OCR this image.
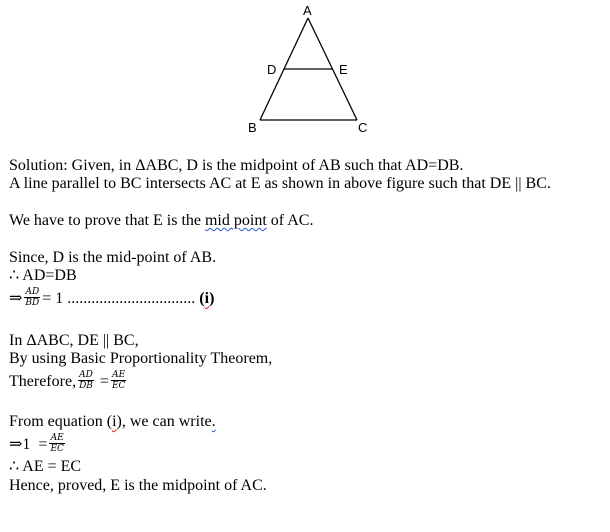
A
D	E
B	C
Solution: Given, in ΔABC, D is the midpoint of AB such that AD=DB.
A line parallel to BC intersects AC at E as shown in above figure such that DE || BC.
We have to prove that E is the mid point of AC.
Since, D is the mid-point of AB.
∴ AD=DB
⇒ $\frac{AD}{BD} = 1$ ................................ (i)
In ΔABC, DE || BC,
By using Basic Proportionality Theorem,
Therefore, $\frac{AD}{DB} = \frac{AE}{EC}$
From equation (i), we can write.
⇒1  = $\frac{AE}{EC}$
∴ AE = EC
Hence, proved, E is the midpoint of AC.
